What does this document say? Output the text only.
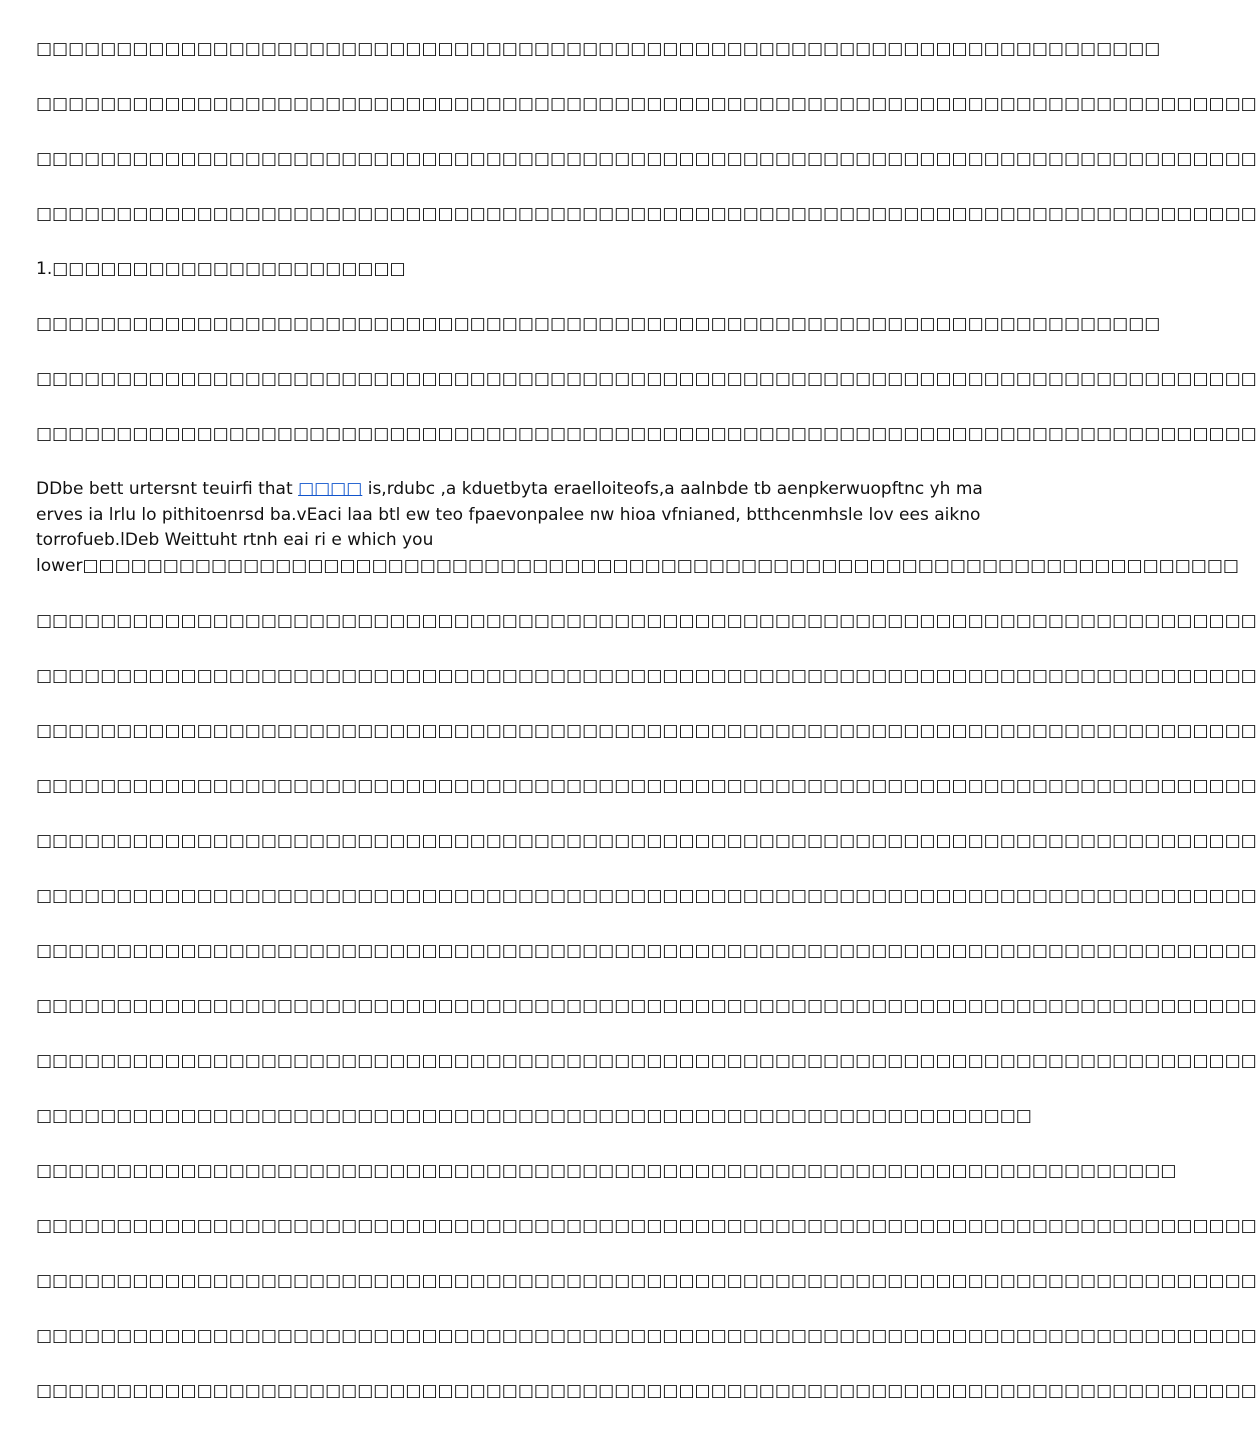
□□□□□□□□□□□□□□□□□□□□□□□□□□□□□□□□□□□□□□□□□□□□□□□□□□□□□□□□□□□□□□□□□□□□□□
□□□□□□□□□□□□□□□□□□□□□□□□□□□□□□□□□□□□□□□□□□□□□□□□□□□□□□□□□□□□□□□□□□□□□□□□□□□□
□□□□□□□□□□□□□□□□□□□□□□□□□□□□□□□□□□□□□□□□□□□□□□□□□□□□□□□□□□□□□□□□□□□□□□□□□□□□
□□□□□□□□□□□□□□□□□□□□□□□□□□□□□□□□□□□□□□□□□□□□□□□□□□□□□□□□□□□□□□□□□□□□□□□□□□□□
1.□□□□□□□□□□□□□□□□□□□□□□
□□□□□□□□□□□□□□□□□□□□□□□□□□□□□□□□□□□□□□□□□□□□□□□□□□□□□□□□□□□□□□□□□□□□□□
□□□□□□□□□□□□□□□□□□□□□□□□□□□□□□□□□□□□□□□□□□□□□□□□□□□□□□□□□□□□□□□□□□□□□□□□□□□□
□□□□□□□□□□□□□□□□□□□□□□□□□□□□□□□□□□□□□□□□□□□□□□□□□□□□□□□□□□□□□□□□□□□□□□□□□□□□
DDbe bett urtersnt teuirfi that □□□□ is,rdubc ,a kduetbyta eraelloiteofs,a aalnbde tb aenpkerwuopftnc yh maerves ia lrlu lo pithitoenrsd ba.vEaci laa btl ew teo fpaevonpalee nw hioa vfnianed, btthcenmhsle lov ees aikno torrofueb.lDeb Weittuht rtnh eai ri e which you
lower□□□□□□□□□□□□□□□□□□□□□□□□□□□□□□□□□□□□□□□□□□□□□□□□□□□□□□□□□□□□□□□□□□□□□□□□
□□□□□□□□□□□□□□□□□□□□□□□□□□□□□□□□□□□□□□□□□□□□□□□□□□□□□□□□□□□□□□□□□□□□□□□□□□□□
□□□□□□□□□□□□□□□□□□□□□□□□□□□□□□□□□□□□□□□□□□□□□□□□□□□□□□□□□□□□□□□□□□□□□□□□□□□□
□□□□□□□□□□□□□□□□□□□□□□□□□□□□□□□□□□□□□□□□□□□□□□□□□□□□□□□□□□□□□□□□□□□□□□□□□□□□
□□□□□□□□□□□□□□□□□□□□□□□□□□□□□□□□□□□□□□□□□□□□□□□□□□□□□□□□□□□□□□□□□□□□□□□□□□□□
□□□□□□□□□□□□□□□□□□□□□□□□□□□□□□□□□□□□□□□□□□□□□□□□□□□□□□□□□□□□□□□□□□□□□□□□□□□□
□□□□□□□□□□□□□□□□□□□□□□□□□□□□□□□□□□□□□□□□□□□□□□□□□□□□□□□□□□□□□□□□□□□□□□□□□□□□
□□□□□□□□□□□□□□□□□□□□□□□□□□□□□□□□□□□□□□□□□□□□□□□□□□□□□□□□□□□□□□□□□□□□□□□□□□□□
□□□□□□□□□□□□□□□□□□□□□□□□□□□□□□□□□□□□□□□□□□□□□□□□□□□□□□□□□□□□□□□□□□□□□□□□□□□□
□□□□□□□□□□□□□□□□□□□□□□□□□□□□□□□□□□□□□□□□□□□□□□□□□□□□□□□□□□□□□□□□□□□□□□□□□□□□
□□□□□□□□□□□□□□□□□□□□□□□□□□□□□□□□□□□□□□□□□□□□□□□□□□□□□□□□□□□□□□
□□□□□□□□□□□□□□□□□□□□□□□□□□□□□□□□□□□□□□□□□□□□□□□□□□□□□□□□□□□□□□□□□□□□□□□
□□□□□□□□□□□□□□□□□□□□□□□□□□□□□□□□□□□□□□□□□□□□□□□□□□□□□□□□□□□□□□□□□□□□□□□□□□□□
□□□□□□□□□□□□□□□□□□□□□□□□□□□□□□□□□□□□□□□□□□□□□□□□□□□□□□□□□□□□□□□□□□□□□□□□□□□□
□□□□□□□□□□□□□□□□□□□□□□□□□□□□□□□□□□□□□□□□□□□□□□□□□□□□□□□□□□□□□□□□□□□□□□□□□□□□
□□□□□□□□□□□□□□□□□□□□□□□□□□□□□□□□□□□□□□□□□□□□□□□□□□□□□□□□□□□□□□□□□□□□□□□□□□□□
